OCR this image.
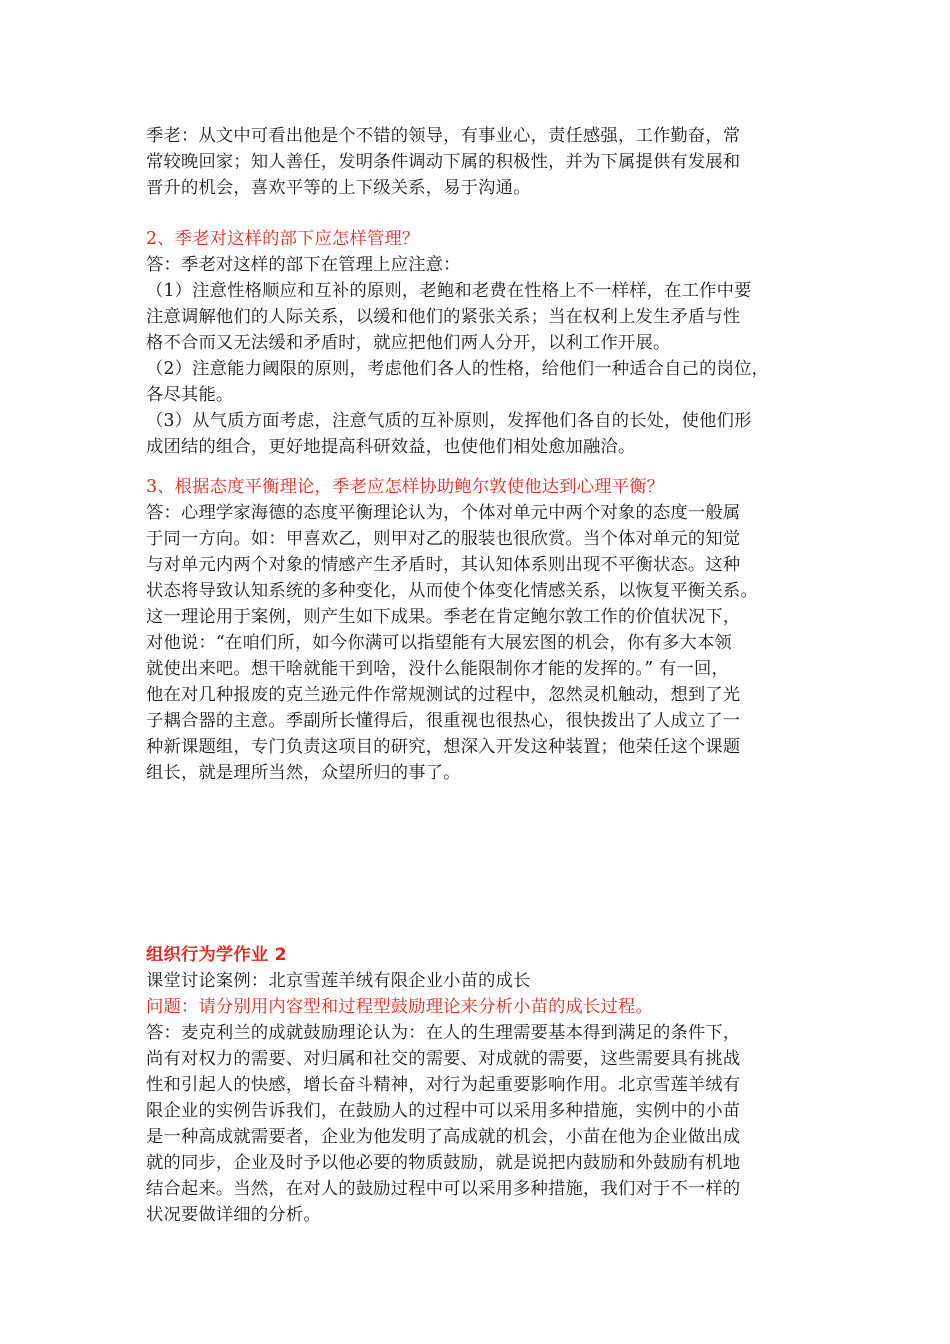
季老：从文中可看出他是个不错的领导，有事业心，责任感强，工作勤奋，常
常较晚回家；知人善任，发明条件调动下属的积极性，并为下属提供有发展和
晋升的机会，喜欢平等的上下级关系，易于沟通。
2、季老对这样的部下应怎样管理？
答：季老对这样的部下在管理上应注意：
（1）注意性格顺应和互补的原则，老鲍和老费在性格上不一样样，在工作中要
注意调解他们的人际关系，以缓和他们的紧张关系；当在权利上发生矛盾与性
格不合而又无法缓和矛盾时，就应把他们两人分开，以利工作开展。
（2）注意能力阈限的原则，考虑他们各人的性格，给他们一种适合自己的岗位，
各尽其能。
（3）从气质方面考虑，注意气质的互补原则，发挥他们各自的长处，使他们形
成团结的组合，更好地提高科研效益，也使他们相处愈加融洽。
3、根据态度平衡理论，季老应怎样协助鲍尔敦使他达到心理平衡？
答：心理学家海德的态度平衡理论认为，个体对单元中两个对象的态度一般属
于同一方向。如：甲喜欢乙，则甲对乙的服装也很欣赏。当个体对单元的知觉
与对单元内两个对象的情感产生矛盾时，其认知体系则出现不平衡状态。这种
状态将导致认知系统的多种变化，从而使个体变化情感关系，以恢复平衡关系。
这一理论用于案例，则产生如下成果。季老在肯定鲍尔敦工作的价值状况下，
对他说：“在咱们所，如今你满可以指望能有大展宏图的机会，你有多大本领
就使出来吧。想干啥就能干到啥，没什么能限制你才能的发挥的。” 有一回，
他在对几种报废的克兰逊元件作常规测试的过程中，忽然灵机触动，想到了光
子耦合器的主意。季副所长懂得后，很重视也很热心，很快拨出了人成立了一
种新课题组，专门负责这项目的研究，想深入开发这种装置；他荣任这个课题
组长，就是理所当然，众望所归的事了。
组织行为学作业 2
课堂讨论案例：北京雪莲羊绒有限企业小苗的成长
问题：请分别用内容型和过程型鼓励理论来分析小苗的成长过程。
答：麦克利兰的成就鼓励理论认为：在人的生理需要基本得到满足的条件下，
尚有对权力的需要、对归属和社交的需要、对成就的需要，这些需要具有挑战
性和引起人的快感，增长奋斗精神，对行为起重要影响作用。北京雪莲羊绒有
限企业的实例告诉我们，在鼓励人的过程中可以采用多种措施，实例中的小苗
是一种高成就需要者，企业为他发明了高成就的机会，小苗在他为企业做出成
就的同步，企业及时予以他必要的物质鼓励，就是说把内鼓励和外鼓励有机地
结合起来。当然，在对人的鼓励过程中可以采用多种措施，我们对于不一样的
状况要做详细的分析。
